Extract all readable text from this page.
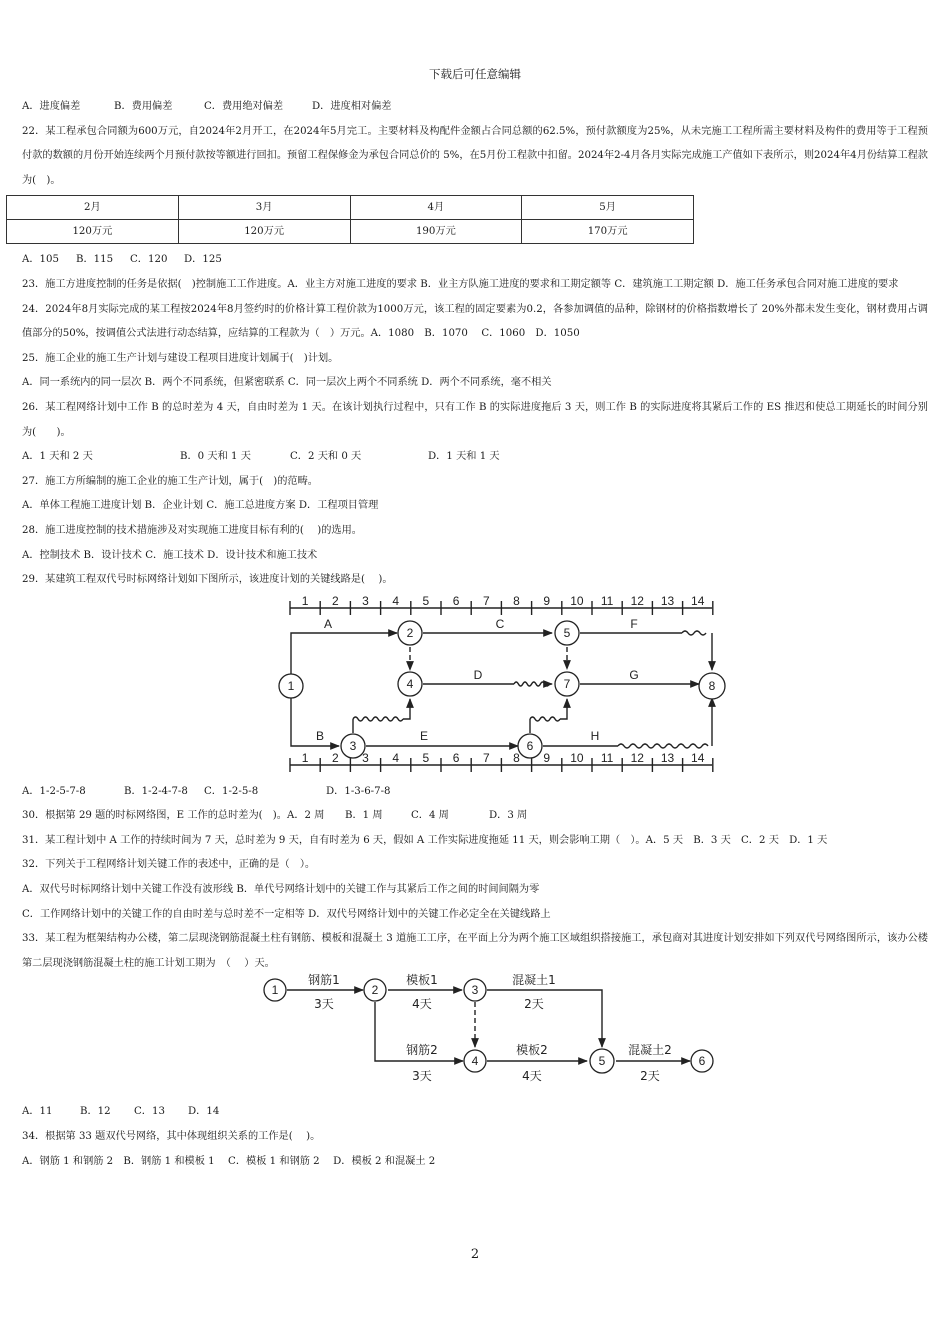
下载后可任意编辑

A．进度偏差	B．费用偏差	C．费用绝对偏差	D．进度相对偏差

22．某工程承包合同额为600万元，自2024年2月开工，在2024年5月完工。主要材料及构配件金额占合同总额的62.5%，预付款额度为25%，从未完施工工程所需主要材料及构件的费用等于工程预付款的数额的月份开始连续两个月预付款按等额进行回扣。预留工程保修金为承包合同总价的 5%，在5月份工程款中扣留。2024年2-4月各月实际完成施工产值如下表所示，则2024年4月份结算工程款为(　)。

2月	3月	4月	5月
120万元	120万元	190万元	170万元

A．105 B．115 C．120 D．125

23．施工方进度控制的任务是依据(　)控制施工工作进度。A．业主方对施工进度的要求 B．业主方队施工进度的要求和工期定额等 C．建筑施工工期定额 D．施工任务承包合同对施工进度的要求

24．2024年8月实际完成的某工程按2024年8月签约时的价格计算工程价款为1000万元，该工程的固定要素为0.2，各参加调值的品种，除钢材的价格指数增长了 20%外都未发生变化，钢材费用占调值部分的50%，按调值公式法进行动态结算，应结算的工程款为（　）万元。A．1080　B．1070　 C．1060　D．1050

25．施工企业的施工生产计划与建设工程项目进度计划属于(　)计划。

A．同一系统内的同一层次 B．两个不同系统，但紧密联系 C．同一层次上两个不同系统 D．两个不同系统，毫不相关

26．某工程网络计划中工作 B 的总时差为 4 天，自由时差为 1 天。在该计划执行过程中，只有工作 B 的实际进度拖后 3 天，则工作 B 的实际进度将其紧后工作的 ES 推迟和使总工期延长的时间分别为(　　)。

A．1 天和 2 天	B．0 天和 1 天	C．2 天和 0 天	D．1 天和 1 天

27．施工方所编制的施工企业的施工生产计划，属于(　)的范畴。

A．单体工程施工进度计划 B．企业计划 C．施工总进度方案 D．工程项目管理

28．施工进度控制的技术措施涉及对实现施工进度目标有利的(　 )的选用。

A．控制技术 B．设计技术 C．施工技术 D．设计技术和施工技术

29．某建筑工程双代号时标网络计划如下图所示，该进度计划的关键线路是(　 )。

1
1
2
2
3
3
4
4
5
5
6
6
7
7
8
8
9
9
10
10
11
11
12
12
13
13
14
14
1
2
3
4
5
6
7	8
A
B
C
D
E
F
G
H

A．1-2-5-7-8	B．1-2-4-7-8 C．1-2-5-8	D．1-3-6-7-8

30．根据第 29 题的时标网络图，E 工作的总时差为(　)。A．2 周 B．1 周	C．4 周	D．3 周

31．某工程计划中 A 工作的持续时间为 7 天，总时差为 9 天，自有时差为 6 天，假如 A 工作实际进度拖延 11 天，则会影响工期（　）。A．5 天　B．3 天　C．2 天　D．1 天

32．下列关于工程网络计划关键工作的表述中，正确的是（　）。

A．双代号时标网络计划中关键工作没有波形线 B．单代号网络计划中的关键工作与其紧后工作之间的时间间隔为零

C．工作网络计划中的关键工作的自由时差与总时差不一定相等 D．双代号网络计划中的关键工作必定全在关键线路上

33．某工程为框架结构办公楼，第二层现浇钢筋混凝土柱有钢筋、模板和混凝土 3 道施工工序，在平面上分为两个施工区域组织搭接施工，承包商对其进度计划安排如下列双代号网络图所示，该办公楼第二层现浇钢筋混凝土柱的施工计划工期为　（　 ）天。

1	2	3
4	5	6
钢筋1
3天
模板1
4天
混凝土1
2天
钢筋2
3天
模板2
4天
混凝土2
2天

A．11	B．12 C．13 D．14

34．根据第 33 题双代号网络，其中体现组织关系的工作是(　 )。

A．钢筋 1 和钢筋 2　B．钢筋 1 和模板 1　 C．模板 1 和钢筋 2　 D．模板 2 和混凝土 2

2
